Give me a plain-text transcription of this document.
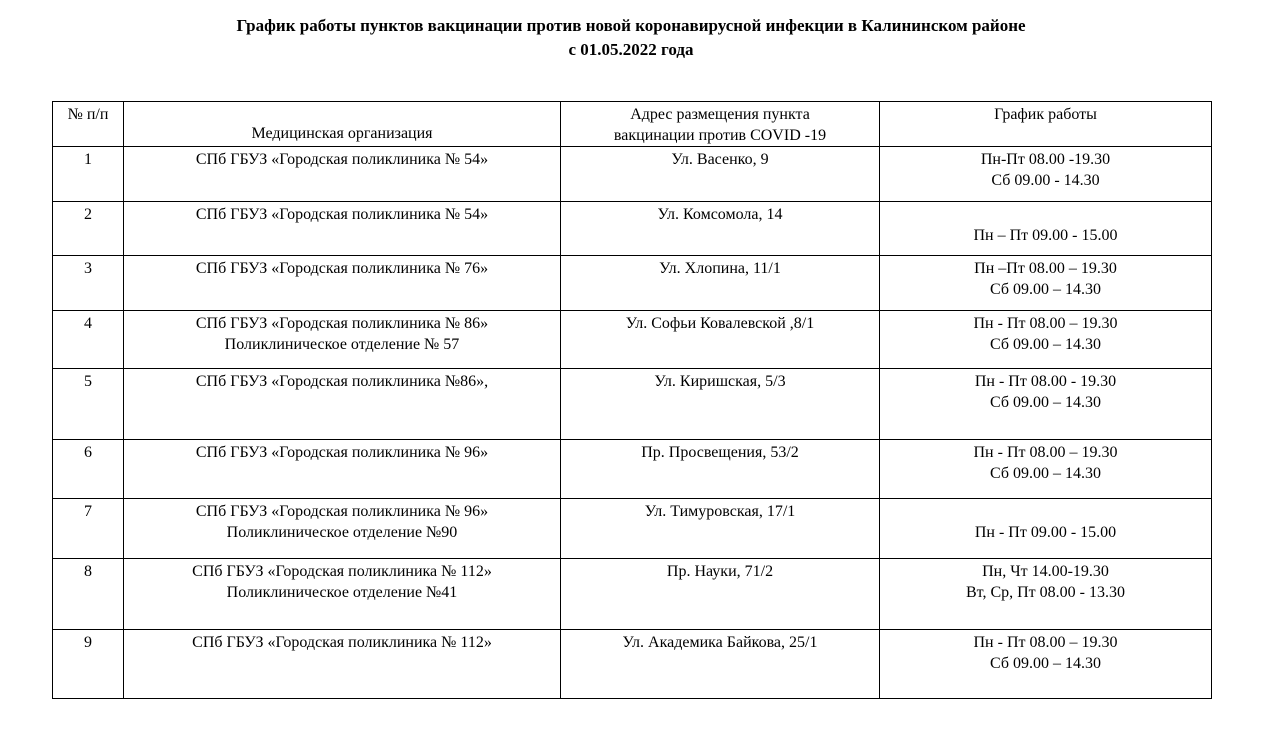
График работы пунктов вакцинации против новой коронавирусной инфекции в Калининском районе
с 01.05.2022 года
№ п/п	Медицинская организация	Адрес размещения пункта
вакцинации против COVID -19	График работы

1	СПб ГБУЗ «Городская поликлиника № 54»	Ул. Васенко, 9	Пн-Пт 08.00 -19.30
Сб 09.00 - 14.30

2	СПб ГБУЗ «Городская поликлиника № 54»	Ул. Комсомола, 14	Пн – Пт 09.00 - 15.00

3	СПб ГБУЗ «Городская поликлиника № 76»	Ул. Хлопина, 11/1	Пн –Пт 08.00 – 19.30
Сб 09.00 – 14.30

4	СПб ГБУЗ «Городская поликлиника № 86»
Поликлиническое отделение № 57	Ул. Софьи Ковалевской ,8/1	Пн - Пт 08.00 – 19.30
Сб 09.00 – 14.30

5	СПб ГБУЗ «Городская поликлиника №86»,	Ул. Киришская, 5/3	Пн - Пт 08.00 - 19.30
Сб 09.00 – 14.30

6	СПб ГБУЗ «Городская поликлиника № 96»	Пр. Просвещения, 53/2	Пн - Пт 08.00 – 19.30
Сб 09.00 – 14.30

7	СПб ГБУЗ «Городская поликлиника № 96»
Поликлиническое отделение №90	Ул. Тимуровская, 17/1	Пн - Пт 09.00 - 15.00

8	СПб ГБУЗ «Городская поликлиника № 112»
Поликлиническое отделение №41	Пр. Науки, 71/2	Пн, Чт 14.00-19.30
Вт, Ср, Пт 08.00 - 13.30

9	СПб ГБУЗ «Городская поликлиника № 112»	Ул. Академика Байкова, 25/1	Пн - Пт 08.00 – 19.30
Сб 09.00 – 14.30
